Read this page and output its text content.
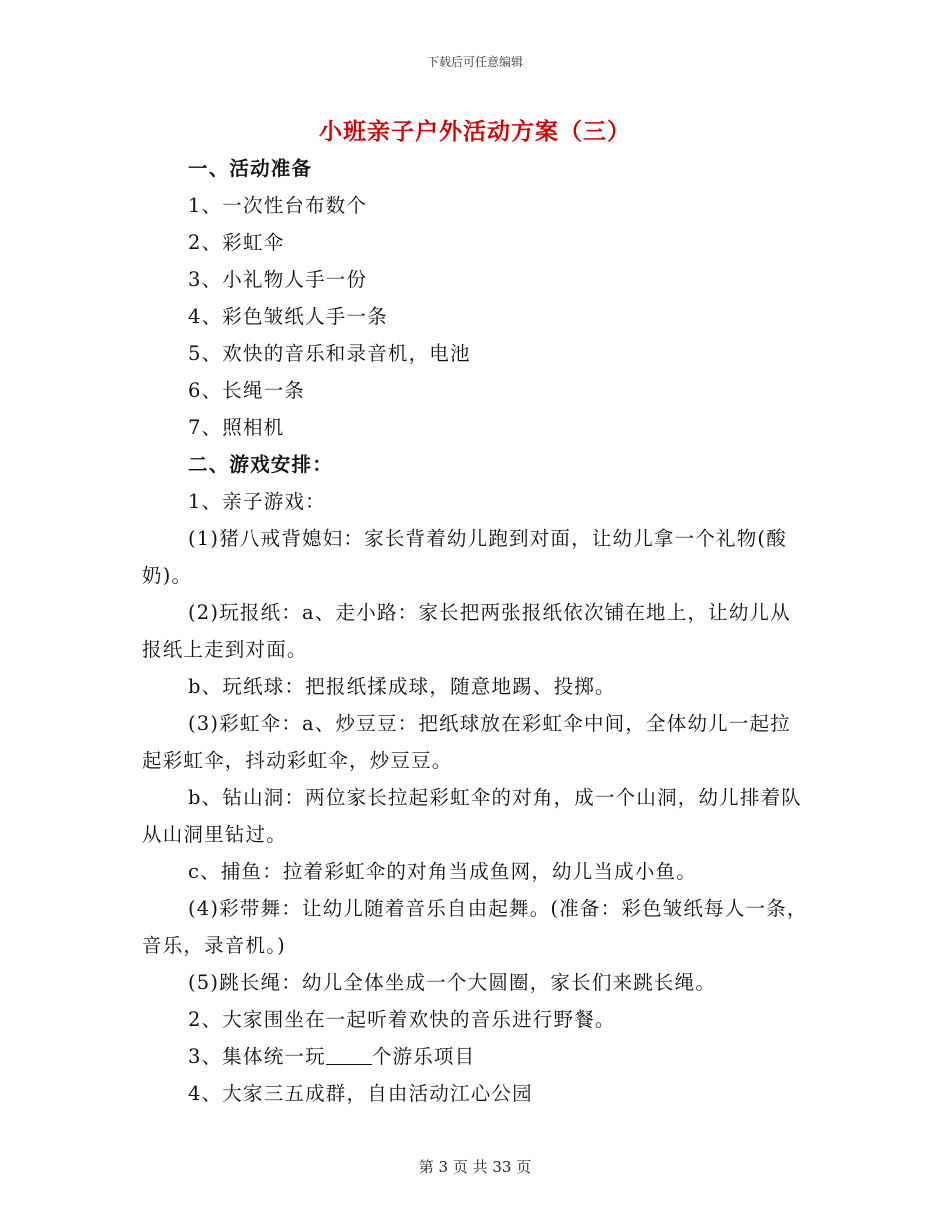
下载后可任意编辑
小班亲子户外活动方案（三）

一、活动准备

1、一次性台布数个

2、彩虹伞

3、小礼物人手一份

4、彩色皱纸人手一条

5、欢快的音乐和录音机，电池

6、长绳一条

7、照相机

二、游戏安排：

1、亲子游戏：

(1)猪八戒背媳妇：家长背着幼儿跑到对面，让幼儿拿一个礼物(酸奶)。

(2)玩报纸：a、走小路：家长把两张报纸依次铺在地上，让幼儿从报纸上走到对面。

b、玩纸球：把报纸揉成球，随意地踢、投掷。

(3)彩虹伞：a、炒豆豆：把纸球放在彩虹伞中间，全体幼儿一起拉起彩虹伞，抖动彩虹伞，炒豆豆。

b、钻山洞：两位家长拉起彩虹伞的对角，成一个山洞，幼儿排着队从山洞里钻过。

c、捕鱼：拉着彩虹伞的对角当成鱼网，幼儿当成小鱼。

(4)彩带舞：让幼儿随着音乐自由起舞。(准备：彩色皱纸每人一条，音乐，录音机。)

(5)跳长绳：幼儿全体坐成一个大圆圈，家长们来跳长绳。

2、大家围坐在一起听着欢快的音乐进行野餐。

3、集体统一玩 个游乐项目

4、大家三五成群，自由活动江心公园

第 3 页 共 33 页
